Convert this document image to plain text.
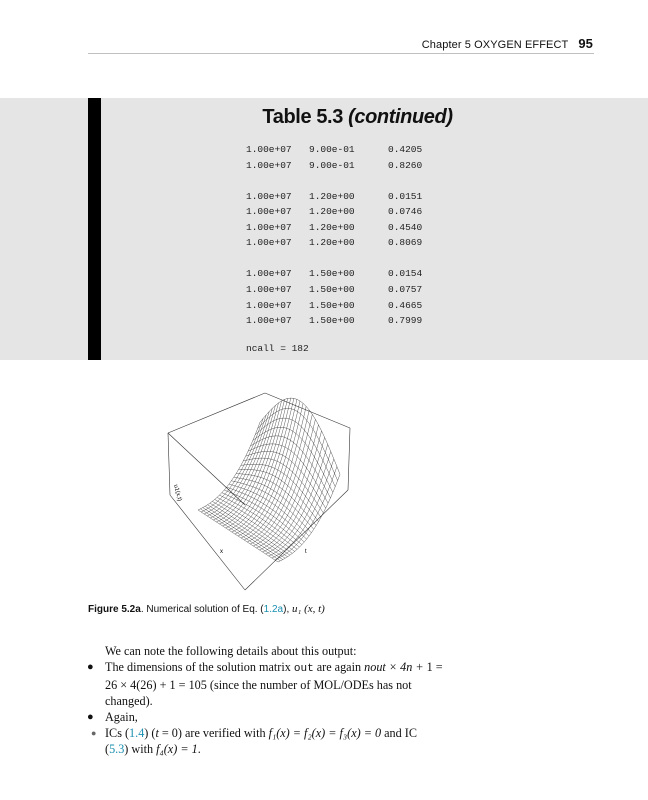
Chapter 5 OXYGEN EFFECT 95
Table 5.3 (continued)
1.00e+07 9.00e-01	0.4205
1.00e+07 9.00e-01	0.8260
1.00e+07 1.20e+00	0.0151
1.00e+07 1.20e+00	0.0746
1.00e+07 1.20e+00	0.4540
1.00e+07 1.20e+00	0.8069
1.00e+07 1.50e+00	0.0154
1.00e+07 1.50e+00	0.0757
1.00e+07 1.50e+00	0.4665
1.00e+07 1.50e+00	0.7999
ncall = 182
u1(x,t)
x	t
Figure 5.2a. Numerical solution of Eq. (1.2a), u₁ (x, t)

We can note the following details about this output:

● The dimensions of the solution matrix out are again nout × 4n + 1 = 26 × 4(26) + 1 = 105 (since the number of MOL/ODEs has not changed).

● Again,

● ICs (1.4) (t = 0) are verified with f₁(x) = f₂(x) = f₃(x) = 0 and IC (5.3) with f₄(x) = 1.
